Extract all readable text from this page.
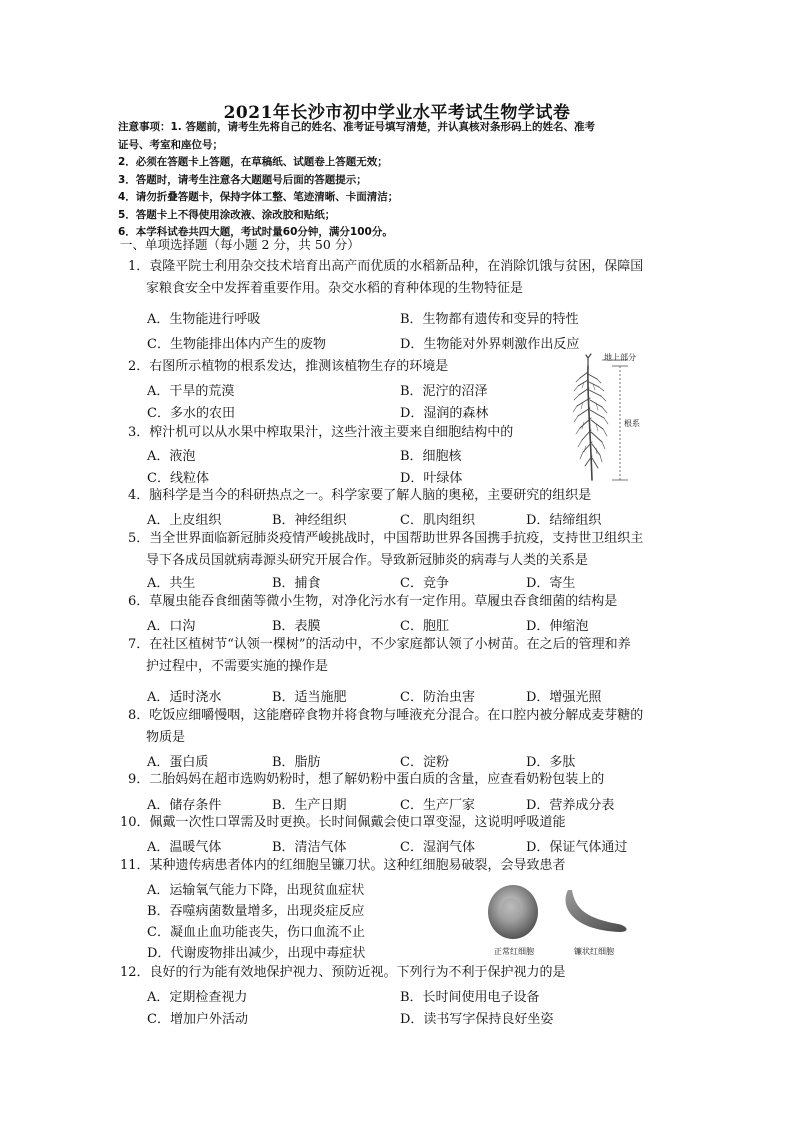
2021年长沙市初中学业水平考试生物学试卷
注意事项：1. 答题前，请考生先将自己的姓名、准考证号填写清楚，并认真核对条形码上的姓名、准考
证号、考室和座位号；
2．必须在答题卡上答题，在草稿纸、试题卷上答题无效；
3．答题时，请考生注意各大题题号后面的答题提示；
4．请勿折叠答题卡，保持字体工整、笔迹清晰、卡面清洁；
5．答题卡上不得使用涂改液、涂改胶和贴纸；
6．本学科试卷共四大题，考试时量60分钟，满分100分。
一、单项选择题（每小题 2 分，共 50 分）
1．袁隆平院士利用杂交技术培育出高产而优质的水稻新品种，在消除饥饿与贫困，保障国
家粮食安全中发挥着重要作用。杂交水稻的育种体现的生物特征是
A．生物能进行呼吸	B．生物都有遗传和变异的特性
C．生物能排出体内产生的废物	D．生物能对外界刺激作出反应
2．右图所示植物的根系发达，推测该植物生存的环境是
A．干旱的荒漠	B．泥泞的沼泽
C．多水的农田	D．湿润的森林
3．榨汁机可以从水果中榨取果汁，这些汁液主要来自细胞结构中的
A．液泡	B．细胞核
C．线粒体	D．叶绿体
地上部分
根系
4．脑科学是当今的科研热点之一。科学家要了解人脑的奥秘，主要研究的组织是
A．上皮组织	B．神经组织	C．肌肉组织	D．结缔组织
5．当全世界面临新冠肺炎疫情严峻挑战时，中国帮助世界各国携手抗疫，支持世卫组织主
导下各成员国就病毒源头研究开展合作。导致新冠肺炎的病毒与人类的关系是
A．共生	B．捕食	C．竞争	D．寄生
6．草履虫能吞食细菌等微小生物，对净化污水有一定作用。草履虫吞食细菌的结构是
A．口沟	B．表膜	C．胞肛	D．伸缩泡
7．在社区植树节“认领一棵树”的活动中，不少家庭都认领了小树苗。在之后的管理和养
护过程中，不需要实施的操作是
A．适时浇水	B．适当施肥	C．防治虫害	D．增强光照
8．吃饭应细嚼慢咽，这能磨碎食物并将食物与唾液充分混合。在口腔内被分解成麦芽糖的
物质是
A．蛋白质	B．脂肪	C．淀粉	D．多肽
9．二胎妈妈在超市选购奶粉时，想了解奶粉中蛋白质的含量，应查看奶粉包装上的
A．储存条件	B．生产日期	C．生产厂家	D．营养成分表
10．佩戴一次性口罩需及时更换。长时间佩戴会使口罩变湿，这说明呼吸道能
A．温暖气体	B．清洁气体	C．湿润气体	D．保证气体通过
11．某种遗传病患者体内的红细胞呈镰刀状。这种红细胞易破裂，会导致患者
A．运输氧气能力下降，出现贫血症状
B．吞噬病菌数量增多，出现炎症反应
C．凝血止血功能丧失，伤口血流不止
D．代谢废物排出减少，出现中毒症状	正常红细胞	镰状红细胞
12．良好的行为能有效地保护视力、预防近视。下列行为不利于保护视力的是
A．定期检查视力	B．长时间使用电子设备
C．增加户外活动	D．读书写字保持良好坐姿
